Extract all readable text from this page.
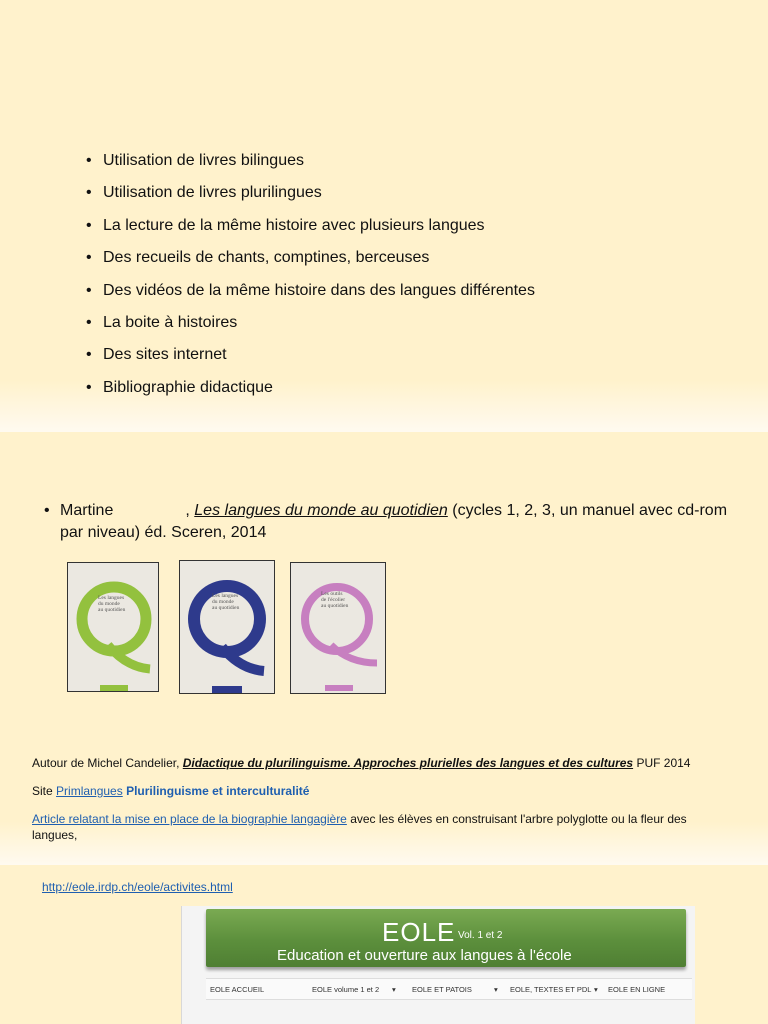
• Utilisation de livres bilingues
• Utilisation de livres plurilingues
• La lecture de la même histoire avec plusieurs langues
• Des recueils de chants, comptines, berceuses
• Des vidéos de la même histoire dans des langues différentes
• La boite à histoires
• Des sites internet
• Bibliographie didactique
• Martine	, Les langues du monde au quotidien (cycles 1, 2, 3, un manuel avec cd-rom par niveau) éd. Sceren, 2014
Les langues
du monde
au quotidien
Les langues
du monde
au quotidien
Les outils
de l'écolier
au quotidien

Autour de Michel Candelier, Didactique du plurilinguisme. Approches plurielles des langues et des cultures PUF 2014

Site Primlangues Plurilinguisme et interculturalité

Article relatant la mise en place de la biographie langagière avec les élèves en construisant l'arbre polyglotte ou la fleur des langues,

http://eole.irdp.ch/eole/activites.html
EOLE Vol. 1 et 2
Education et ouverture aux langues à l'école
EOLE ACCUEIL	EOLE volume 1 et 2 ▾ EOLE ET PATOIS	▾ EOLE, TEXTES ET PDL ▾ EOLE EN LIGNE
